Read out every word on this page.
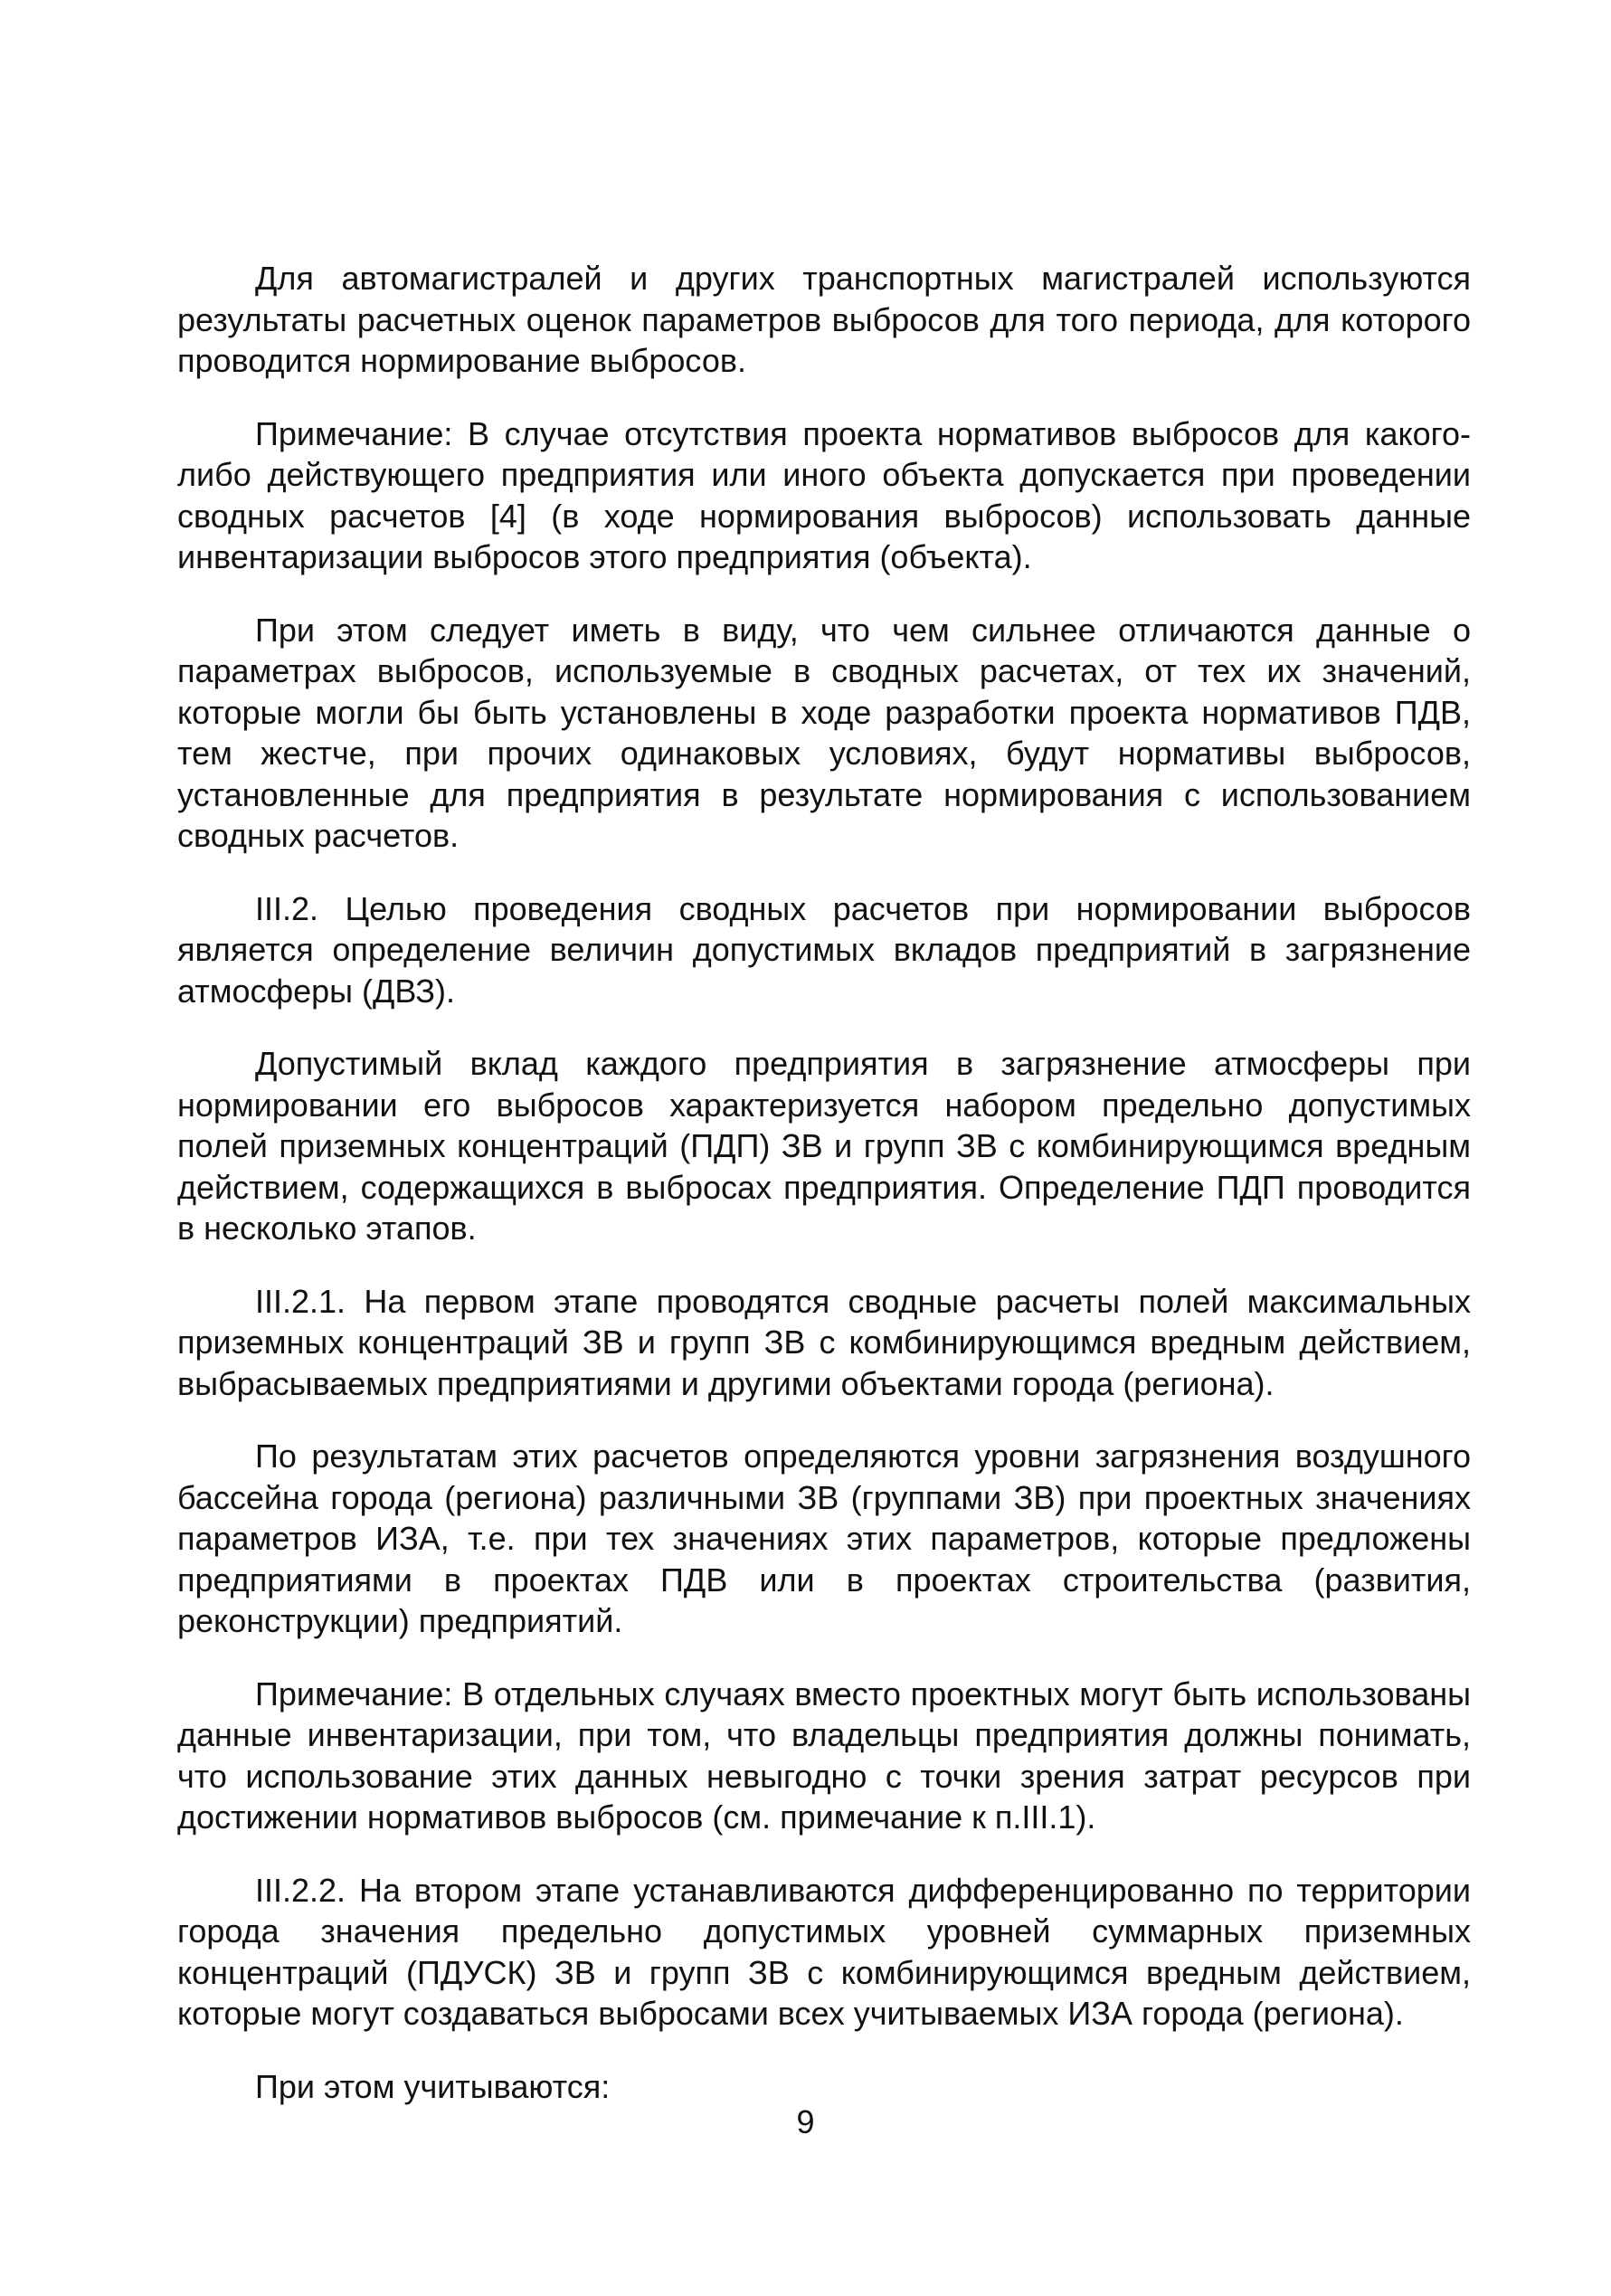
Для автомагистралей и других транспортных магистралей используются результаты расчетных оценок параметров выбросов для того периода, для которого проводится нормирование выбросов.

Примечание: В случае отсутствия проекта нормативов выбросов для какого-либо действующего предприятия или иного объекта допускается при проведении сводных расчетов [4] (в ходе нормирования выбросов) использовать данные инвентаризации выбросов этого предприятия (объекта).

При этом следует иметь в виду, что чем сильнее отличаются данные о параметрах выбросов, используемые в сводных расчетах, от тех их значений, которые могли бы быть установлены в ходе разработки проекта нормативов ПДВ, тем жестче, при прочих одинаковых условиях, будут нормативы выбросов, установленные для предприятия в результате нормирования с использованием сводных расчетов.

III.2. Целью проведения сводных расчетов при нормировании выбросов является определение величин допустимых вкладов предприятий в загрязнение атмосферы (ДВЗ).

Допустимый вклад каждого предприятия в загрязнение атмосферы при нормировании его выбросов характеризуется набором предельно допустимых полей приземных концентраций (ПДП) ЗВ и групп ЗВ с комбинирующимся вредным действием, содержащихся в выбросах предприятия. Определение ПДП проводится в несколько этапов.

III.2.1. На первом этапе проводятся сводные расчеты полей максимальных приземных концентраций ЗВ и групп ЗВ с комбинирующимся вредным действием, выбрасываемых предприятиями и другими объектами города (региона).

По результатам этих расчетов определяются уровни загрязнения воздушного бассейна города (региона) различными ЗВ (группами ЗВ) при проектных значениях параметров ИЗА, т.е. при тех значениях этих параметров, которые предложены предприятиями в проектах ПДВ или в проектах строительства (развития, реконструкции) предприятий.

Примечание: В отдельных случаях вместо проектных могут быть использованы данные инвентаризации, при том, что владельцы предприятия должны понимать, что использование этих данных невыгодно с точки зрения затрат ресурсов при достижении нормативов выбросов (см. примечание к п.III.1).

III.2.2. На втором этапе устанавливаются дифференцированно по территории города значения предельно допустимых уровней суммарных приземных концентраций (ПДУСК) ЗВ и групп ЗВ с комбинирующимся вредным действием, которые могут создаваться выбросами всех учитываемых ИЗА города (региона).

При этом учитываются:

9
